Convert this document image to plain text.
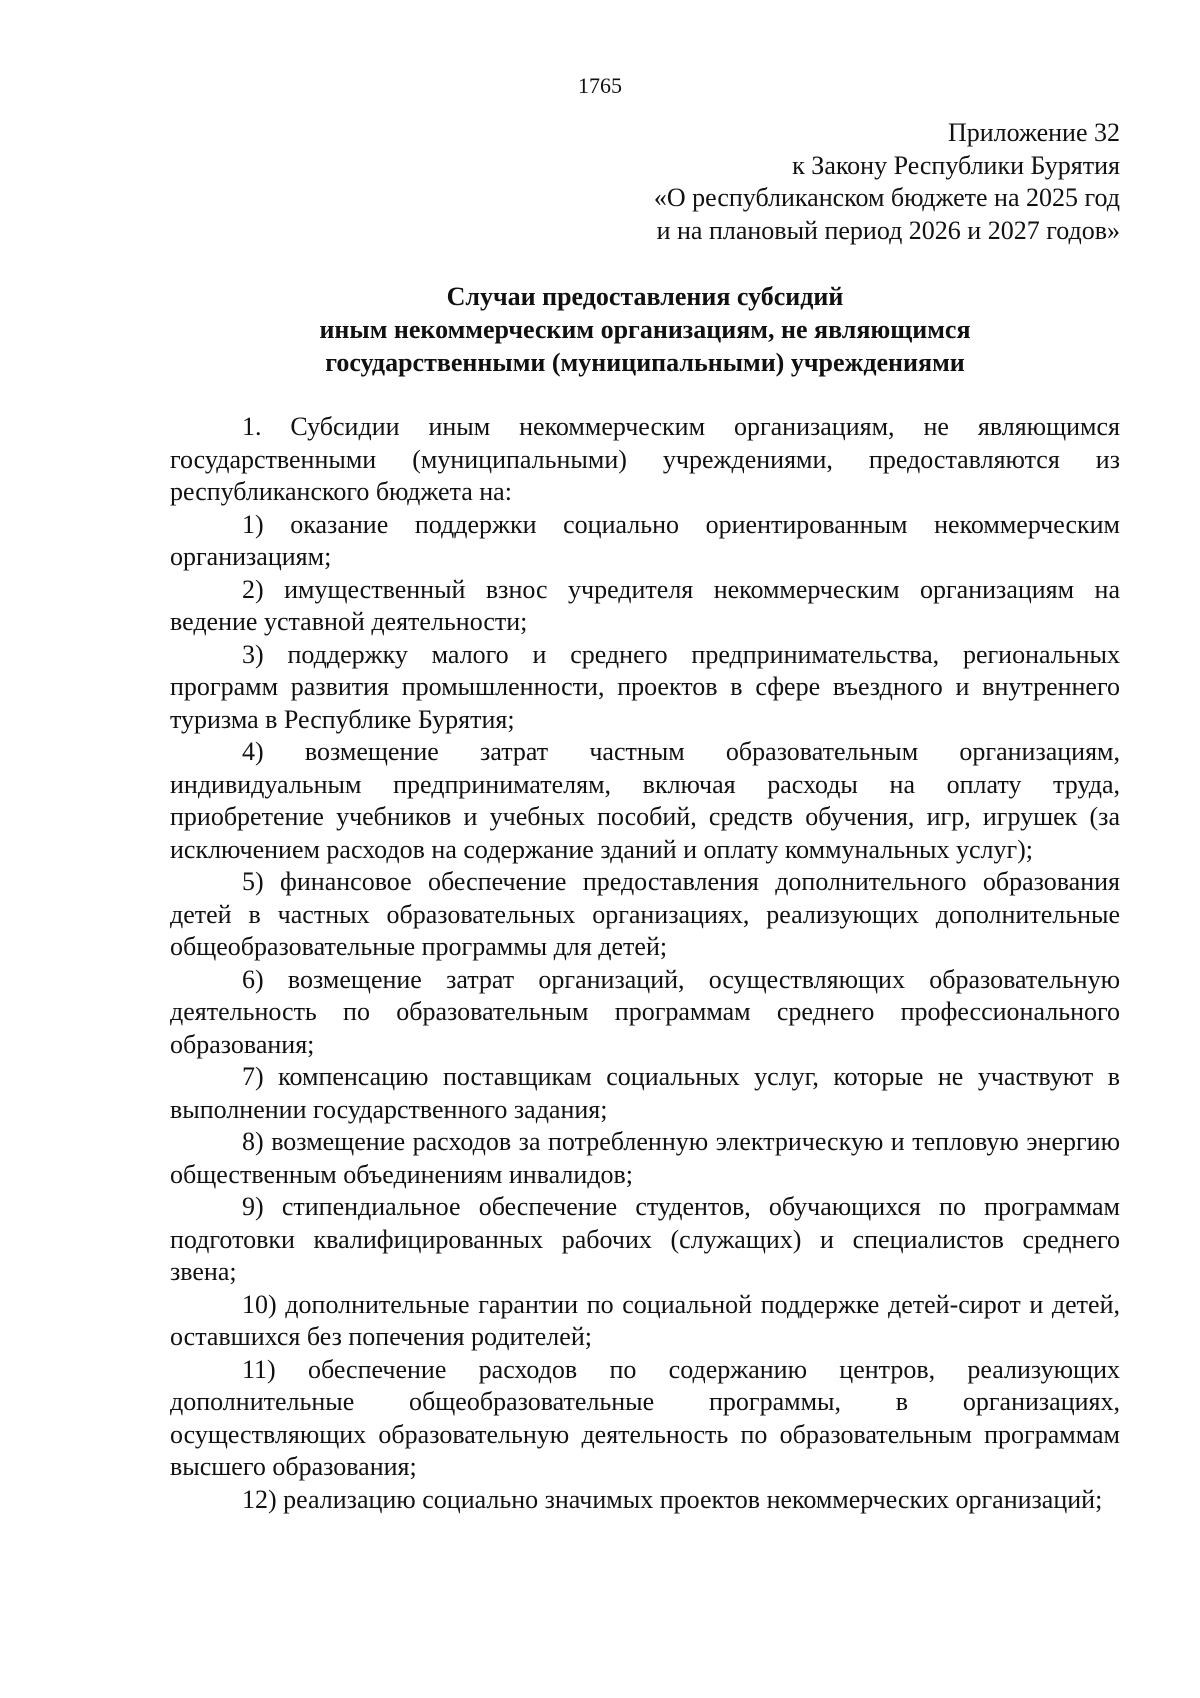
1765
Приложение 32
к Закону Республики Бурятия
«О республиканском бюджете на 2025 год
и на плановый период 2026 и 2027 годов»
Случаи предоставления субсидий
иным некоммерческим организациям, не являющимся
государственными (муниципальными) учреждениями

1. Субсидии иным некоммерческим организациям, не являющимся государственными (муниципальными) учреждениями, предоставляются из республиканского бюджета на:

1) оказание поддержки социально ориентированным некоммерческим организациям;

2) имущественный взнос учредителя некоммерческим организациям на ведение уставной деятельности;

3) поддержку малого и среднего предпринимательства, региональных программ развития промышленности, проектов в сфере въездного и внутреннего туризма в Республике Бурятия;

4) возмещение затрат частным образовательным организациям, индивидуальным предпринимателям, включая расходы на оплату труда, приобретение учебников и учебных пособий, средств обучения, игр, игрушек (за исключением расходов на содержание зданий и оплату коммунальных услуг);

5) финансовое обеспечение предоставления дополнительного образования детей в частных образовательных организациях, реализующих дополнительные общеобразовательные программы для детей;

6) возмещение затрат организаций, осуществляющих образовательную деятельность по образовательным программам среднего профессионального образования;

7) компенсацию поставщикам социальных услуг, которые не участвуют в выполнении государственного задания;

8) возмещение расходов за потребленную электрическую и тепловую энергию общественным объединениям инвалидов;

9) стипендиальное обеспечение студентов, обучающихся по программам подготовки квалифицированных рабочих (служащих) и специалистов среднего звена;

10) дополнительные гарантии по социальной поддержке детей-сирот и детей, оставшихся без попечения родителей;

11) обеспечение расходов по содержанию центров, реализующих дополнительные общеобразовательные программы, в организациях, осуществляющих образовательную деятельность по образовательным программам высшего образования;

12) реализацию социально значимых проектов некоммерческих организаций;
